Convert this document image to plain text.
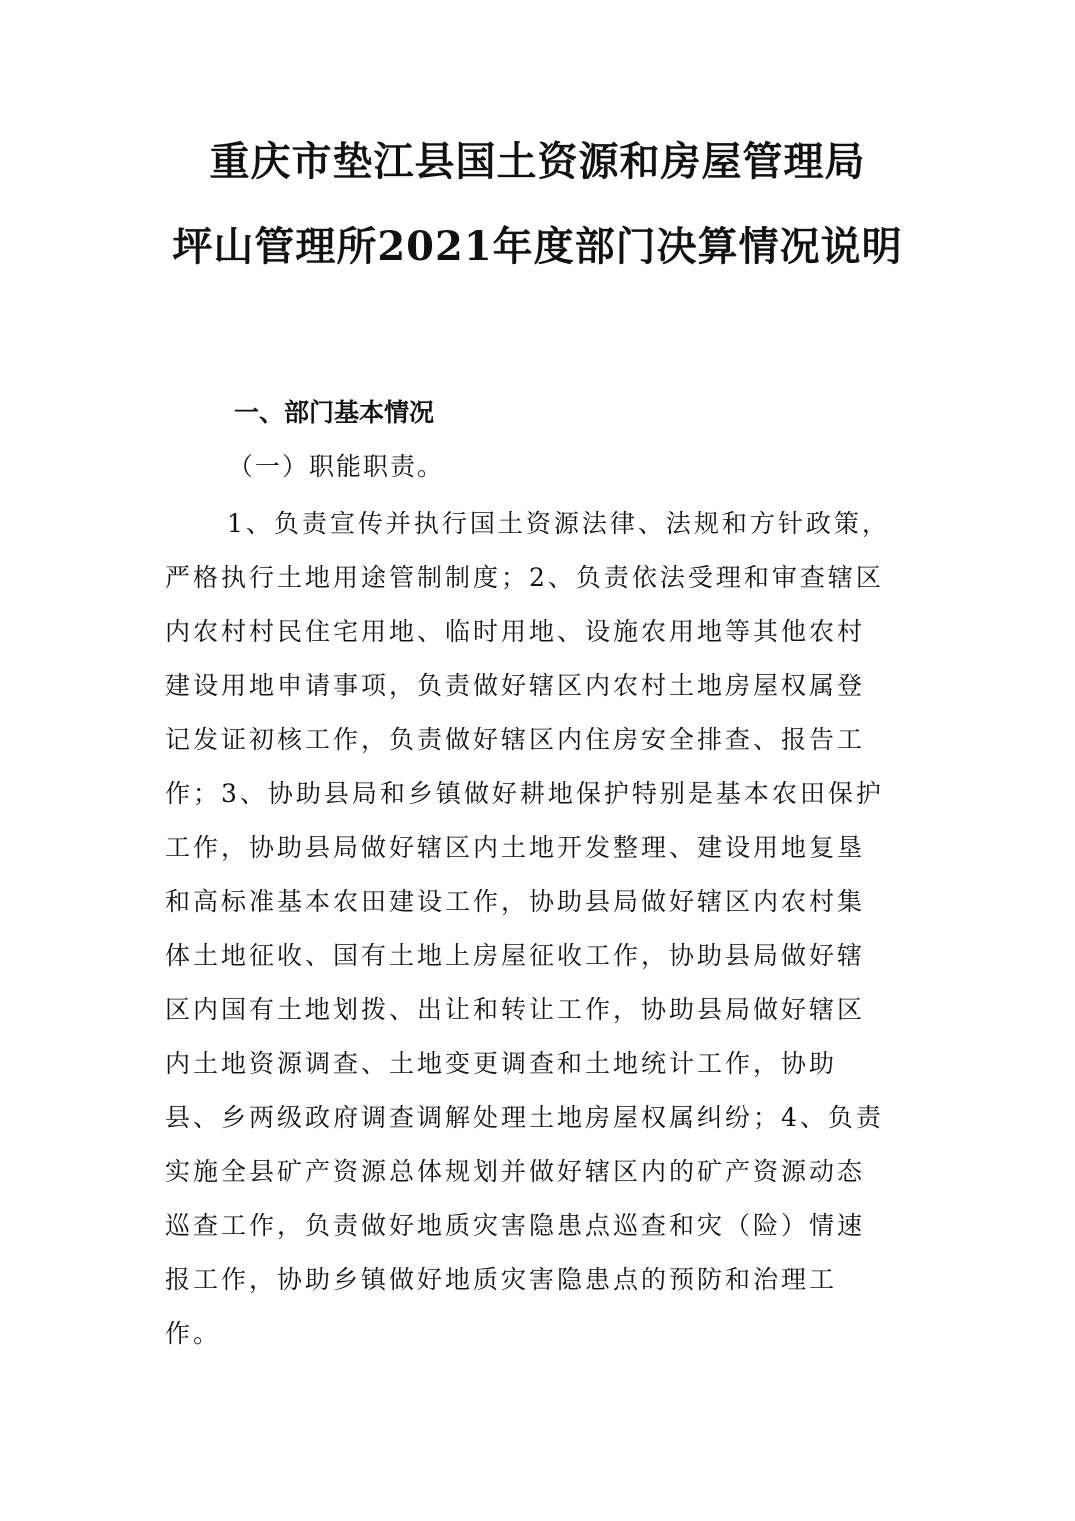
重庆市垫江县国土资源和房屋管理局
坪山管理所2021年度部门决算情况说明
一、部门基本情况
（一）职能职责。
1、负责宣传并执行国土资源法律、法规和方针政策，
严格执行土地用途管制制度；2、负责依法受理和审查辖区
内农村村民住宅用地、临时用地、设施农用地等其他农村
建设用地申请事项，负责做好辖区内农村土地房屋权属登
记发证初核工作，负责做好辖区内住房安全排查、报告工
作；3、协助县局和乡镇做好耕地保护特别是基本农田保护
工作，协助县局做好辖区内土地开发整理、建设用地复垦
和高标准基本农田建设工作，协助县局做好辖区内农村集
体土地征收、国有土地上房屋征收工作，协助县局做好辖
区内国有土地划拨、出让和转让工作，协助县局做好辖区
内土地资源调查、土地变更调查和土地统计工作，协助
县、乡两级政府调查调解处理土地房屋权属纠纷；4、负责
实施全县矿产资源总体规划并做好辖区内的矿产资源动态
巡查工作，负责做好地质灾害隐患点巡查和灾（险）情速
报工作，协助乡镇做好地质灾害隐患点的预防和治理工
作。
